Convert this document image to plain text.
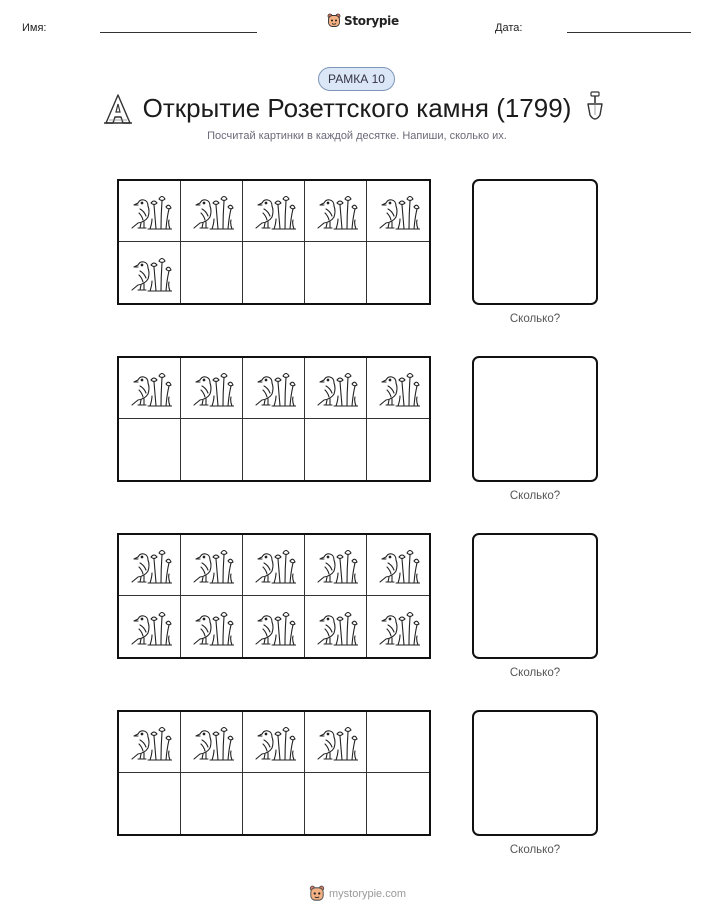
Имя:	Storypie	Дата:
РАМКА 10
Открытие Розеттского камня (1799)
Посчитай картинки в каждой десятке. Напиши, сколько их.
Сколько?
Сколько?
Сколько?
Сколько?
mystorypie.com
